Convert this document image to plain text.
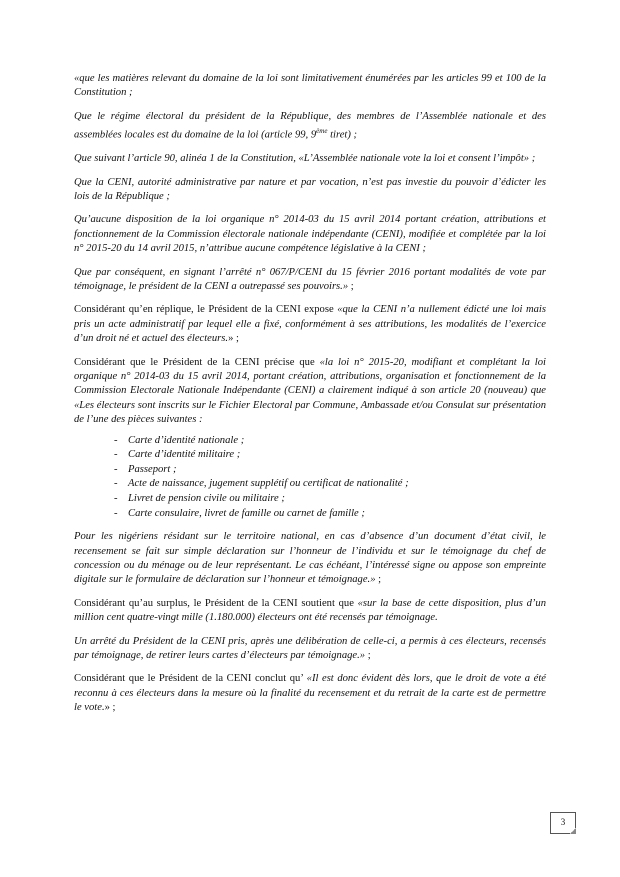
«que les matières relevant du domaine de la loi sont limitativement énumérées par les articles 99 et 100 de la Constitution ;

Que le régime électoral du président de la République, des membres de l’Assemblée nationale et des assemblées locales est du domaine de la loi (article 99, 9ème tiret) ;

Que suivant l’article 90, alinéa 1 de la Constitution, «L’Assemblée nationale vote la loi et consent l’impôt» ;

Que la CENI, autorité administrative par nature et par vocation, n’est pas investie du pouvoir d’édicter les lois de la République ;

Qu’aucune disposition de la loi organique n° 2014-03 du 15 avril 2014 portant création, attributions et fonctionnement de la Commission électorale nationale indépendante (CENI), modifiée et complétée par la loi n° 2015-20 du 14 avril 2015, n’attribue aucune compétence législative à la CENI ;

Que par conséquent, en signant l’arrêté n° 067/P/CENI du 15 février 2016 portant modalités de vote par témoignage, le président de la CENI a outrepassé ses pouvoirs.» ;

Considérant qu’en réplique, le Président de la CENI expose «que la CENI n’a nullement édicté une loi mais pris un acte administratif par lequel elle a fixé, conformément à ses attributions, les modalités de l’exercice d’un droit né et actuel des électeurs.» ;

Considérant que le Président de la CENI précise que «la loi n° 2015-20, modifiant et complétant la loi organique n° 2014-03 du 15 avril 2014, portant création, attributions, organisation et fonctionnement de la Commission Electorale Nationale Indépendante (CENI) a clairement indiqué à son article 20 (nouveau) que «Les électeurs sont inscrits sur le Fichier Electoral par Commune, Ambassade et/ou Consulat sur présentation de l’une des pièces suivantes :

- Carte d’identité nationale ;
- Carte d’identité militaire ;
- Passeport ;
- Acte de naissance, jugement supplétif ou certificat de nationalité ;
- Livret de pension civile ou militaire ;
- Carte consulaire, livret de famille ou carnet de famille ;

Pour les nigériens résidant sur le territoire national, en cas d’absence d’un document d’état civil, le recensement se fait sur simple déclaration sur l’honneur de l’individu et sur le témoignage du chef de concession ou du ménage ou de leur représentant. Le cas échéant, l’intéressé signe ou appose son empreinte digitale sur le formulaire de déclaration sur l’honneur et témoignage.» ;

Considérant qu’au surplus, le Président de la CENI soutient que «sur la base de cette disposition, plus d’un million cent quatre-vingt mille (1.180.000) électeurs ont été recensés par témoignage.

Un arrêté du Président de la CENI pris, après une délibération de celle-ci, a permis à ces électeurs, recensés par témoignage, de retirer leurs cartes d’électeurs par témoignage.» ;

Considérant que le Président de la CENI conclut qu’ «Il est donc évident dès lors, que le droit de vote a été reconnu à ces électeurs dans la mesure où la finalité du recensement et du retrait de la carte est de permettre le vote.» ;

3
